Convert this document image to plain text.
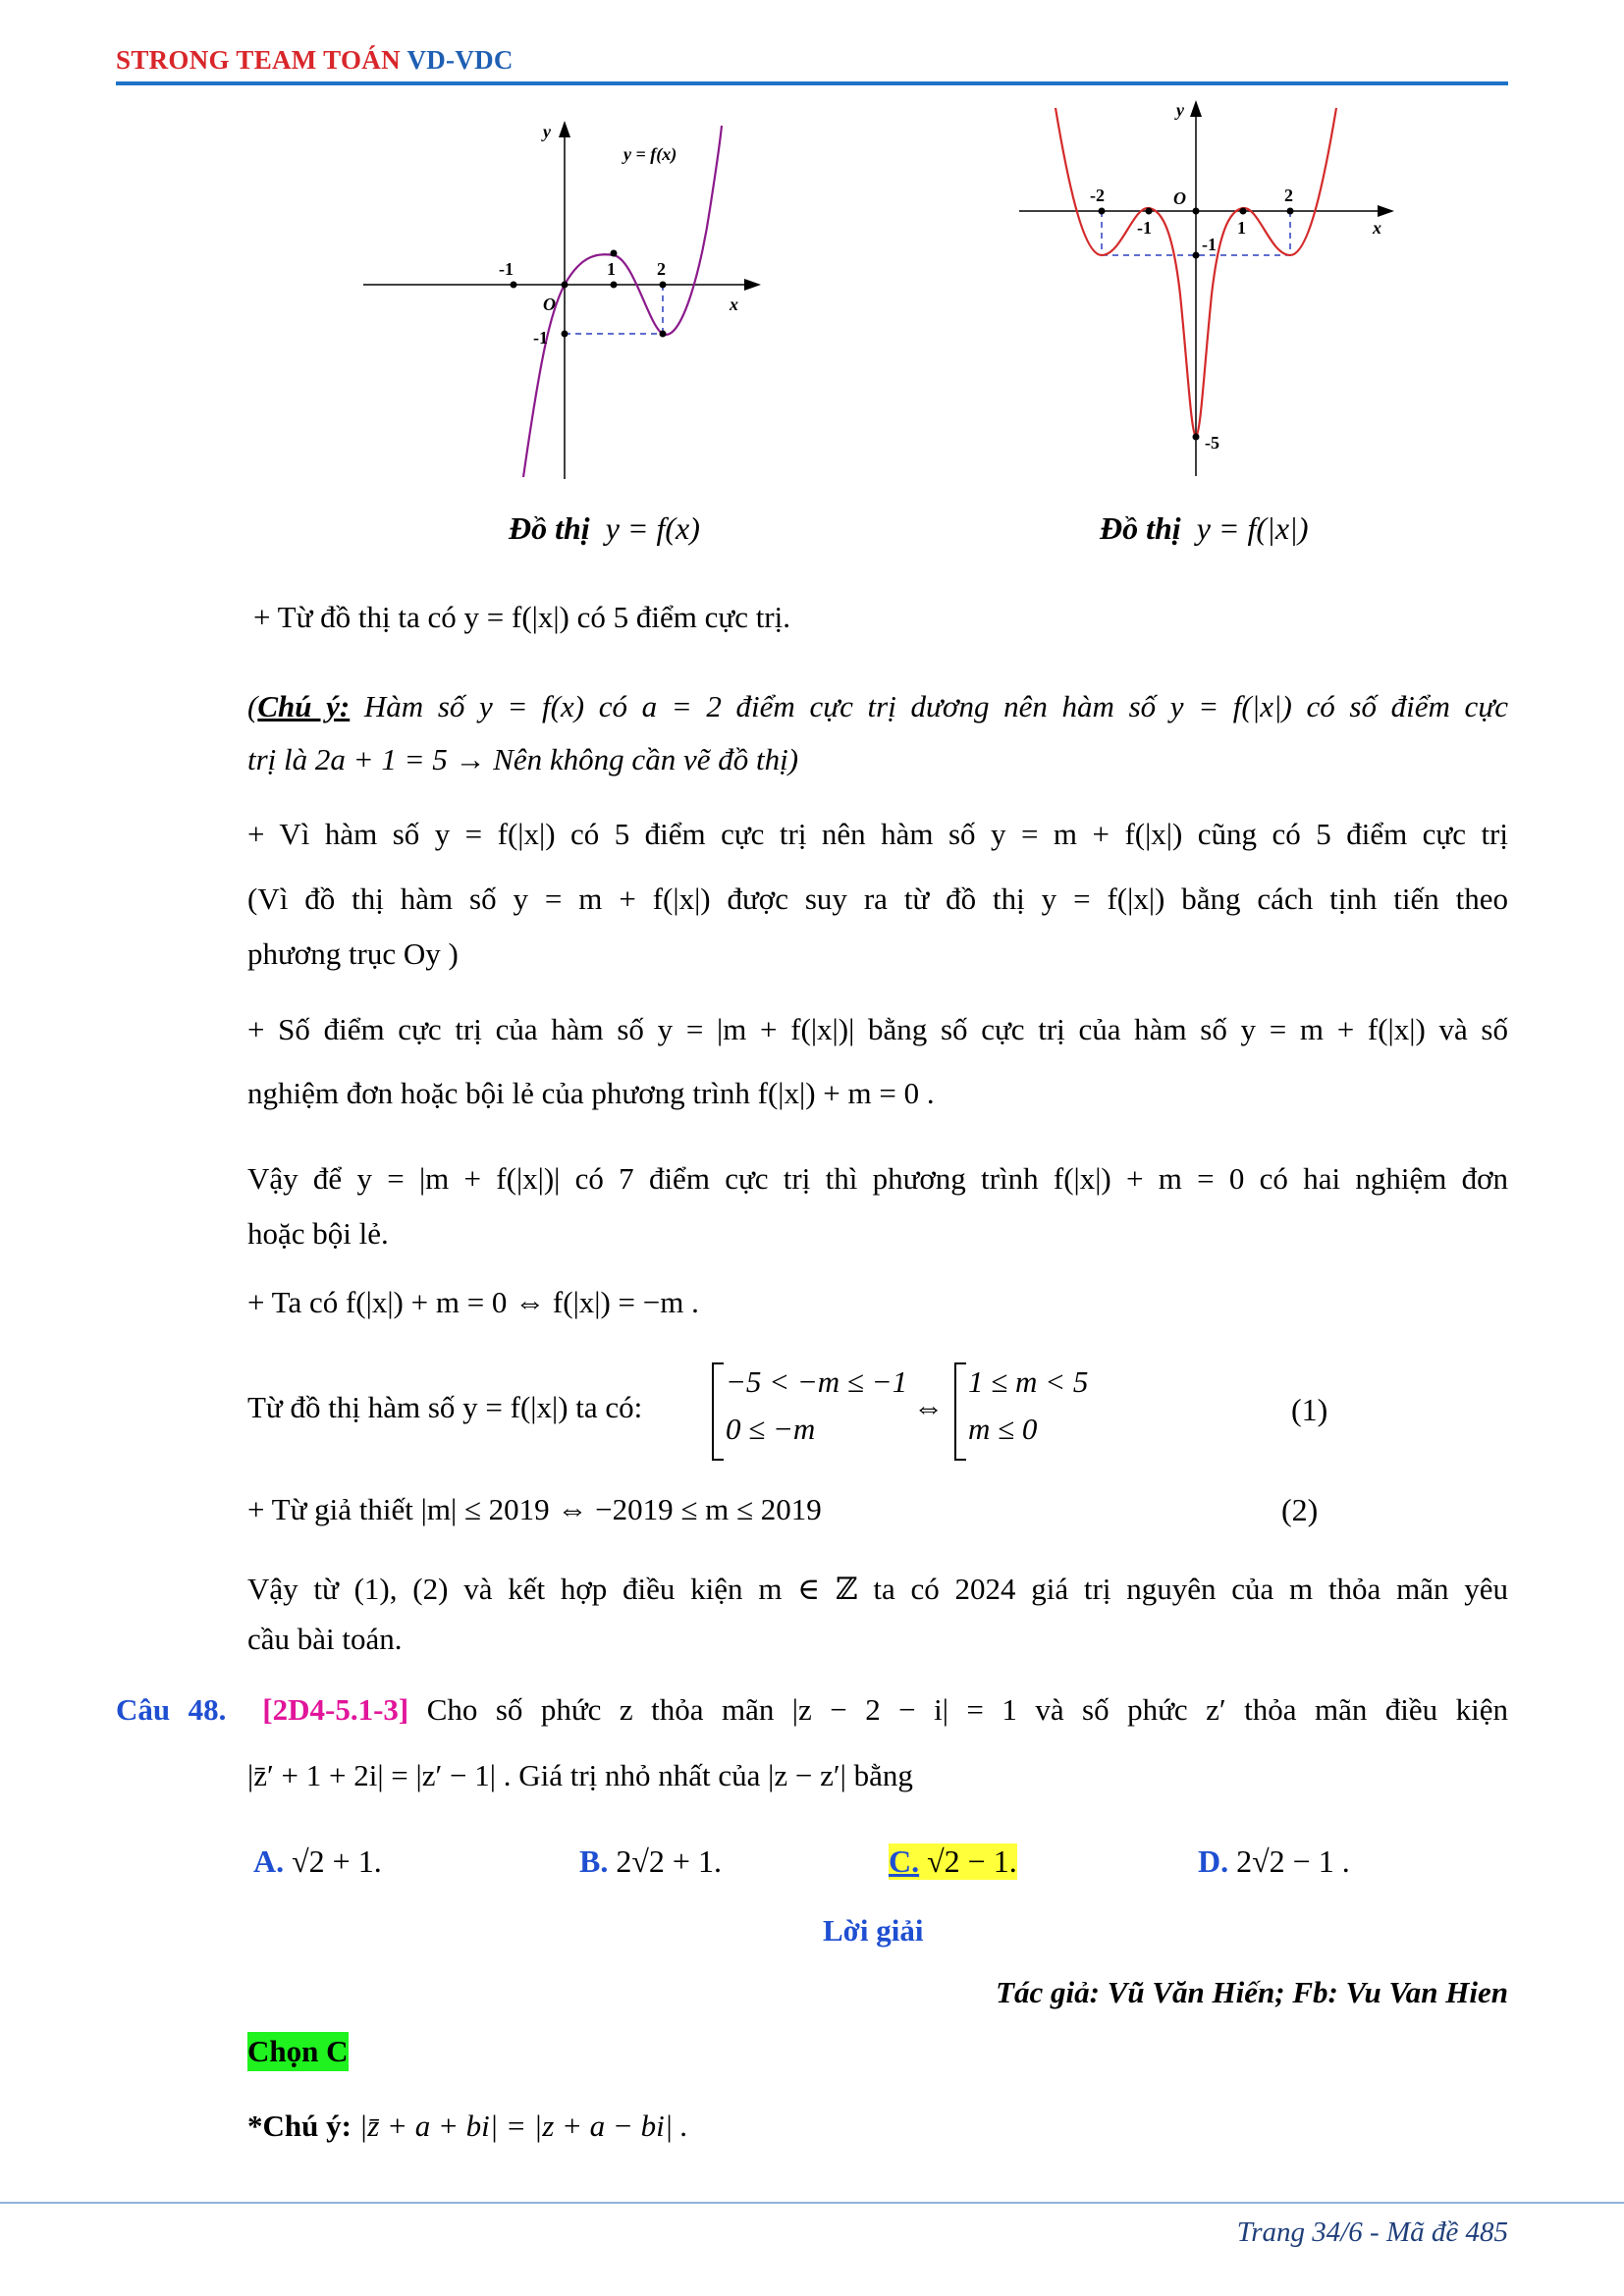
STRONG TEAM TOÁN VD-VDC
y
x
O
y = f(x)
-1	1 2
-1
y
x
O
-2
-1	1
2
-1
-5
Đồ thị y = f(x)	Đồ thị y = f(|x|)
+ Từ đồ thị ta có y = f(|x|) có 5 điểm cực trị.
(Chú ý: Hàm số y = f(x) có a = 2 điểm cực trị dương nên hàm số y = f(|x|) có số điểm cực
trị là 2a + 1 = 5 → Nên không cần vẽ đồ thị)
+ Vì hàm số y = f(|x|) có 5 điểm cực trị nên hàm số y = m + f(|x|) cũng có 5 điểm cực trị
(Vì đồ thị hàm số y = m + f(|x|) được suy ra từ đồ thị y = f(|x|) bằng cách tịnh tiến theo
phương trục Oy )
+ Số điểm cực trị của hàm số y = |m + f(|x|)| bằng số cực trị của hàm số y = m + f(|x|) và số
nghiệm đơn hoặc bội lẻ của phương trình f(|x|) + m = 0 .
Vậy để y = |m + f(|x|)| có 7 điểm cực trị thì phương trình f(|x|) + m = 0 có hai nghiệm đơn
hoặc bội lẻ.
+ Ta có f(|x|) + m = 0 ⇔ f(|x|) = −m .
Từ đồ thị hàm số y = f(|x|) ta có:
−5 < −m ≤ −1
0 ≤ −m
⇔
1 ≤ m < 5
m ≤ 0
(1)
+ Từ giả thiết |m| ≤ 2019 ⇔ −2019 ≤ m ≤ 2019	(2)
Vậy từ (1), (2) và kết hợp điều kiện m ∈ ℤ ta có 2024 giá trị nguyên của m thỏa mãn yêu
cầu bài toán.
Câu 48. [2D4-5.1-3] Cho số phức z thỏa mãn |z − 2 − i| = 1 và số phức z′ thỏa mãn điều kiện
|z̄′ + 1 + 2i| = |z′ − 1| . Giá trị nhỏ nhất của |z − z′| bằng
A. √2 + 1.	B. 2√2 + 1.	C. √2 − 1.	D. 2√2 − 1 .
Lời giải
Tác giả: Vũ Văn Hiến; Fb: Vu Van Hien
Chọn C
*Chú ý: |z̄ + a + bi| = |z + a − bi| .
Trang 34/6 - Mã đề 485
